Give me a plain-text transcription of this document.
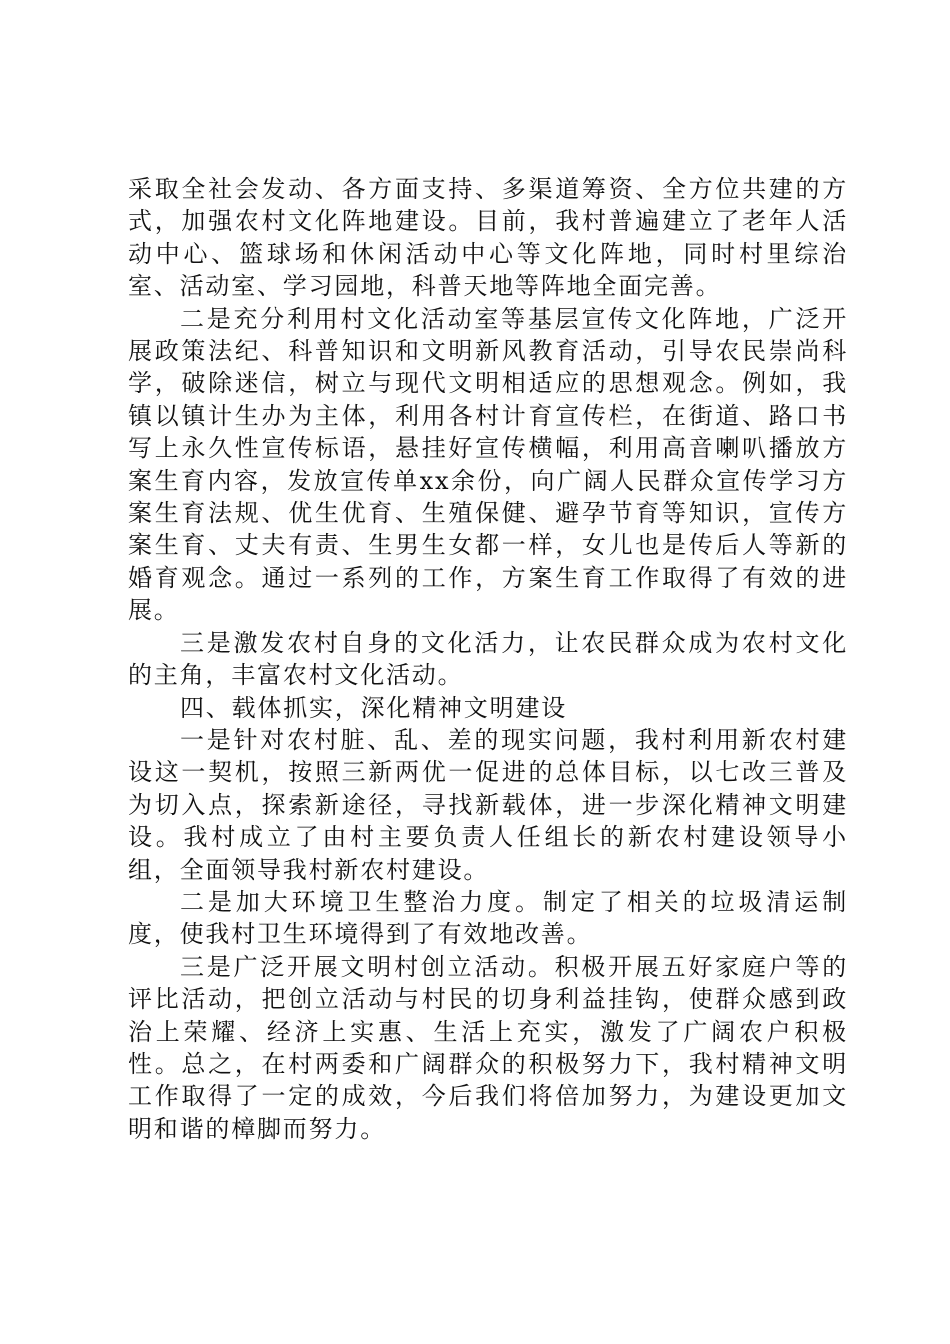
采取全社会发动、各方面支持、多渠道筹资、全方位共建的方式，加强农村文化阵地建设。目前，我村普遍建立了老年人活动中心、篮球场和休闲活动中心等文化阵地，同时村里综治室、活动室、学习园地，科普天地等阵地全面完善。

二是充分利用村文化活动室等基层宣传文化阵地，广泛开展政策法纪、科普知识和文明新风教育活动，引导农民崇尚科学，破除迷信，树立与现代文明相适应的思想观念。例如，我镇以镇计生办为主体，利用各村计育宣传栏，在街道、路口书写上永久性宣传标语，悬挂好宣传横幅，利用高音喇叭播放方案生育内容，发放宣传单xx余份，向广阔人民群众宣传学习方案生育法规、优生优育、生殖保健、避孕节育等知识，宣传方案生育、丈夫有责、生男生女都一样，女儿也是传后人等新的婚育观念。通过一系列的工作，方案生育工作取得了有效的进展。

三是激发农村自身的文化活力，让农民群众成为农村文化的主角，丰富农村文化活动。

四、载体抓实，深化精神文明建设

一是针对农村脏、乱、差的现实问题，我村利用新农村建设这一契机，按照三新两优一促进的总体目标，以七改三普及为切入点，探索新途径，寻找新载体，进一步深化精神文明建设。我村成立了由村主要负责人任组长的新农村建设领导小组，全面领导我村新农村建设。

二是加大环境卫生整治力度。制定了相关的垃圾清运制度，使我村卫生环境得到了有效地改善。

三是广泛开展文明村创立活动。积极开展五好家庭户等的评比活动，把创立活动与村民的切身利益挂钩，使群众感到政治上荣耀、经济上实惠、生活上充实，激发了广阔农户积极性。总之，在村两委和广阔群众的积极努力下，我村精神文明工作取得了一定的成效，今后我们将倍加努力，为建设更加文明和谐的樟脚而努力。
